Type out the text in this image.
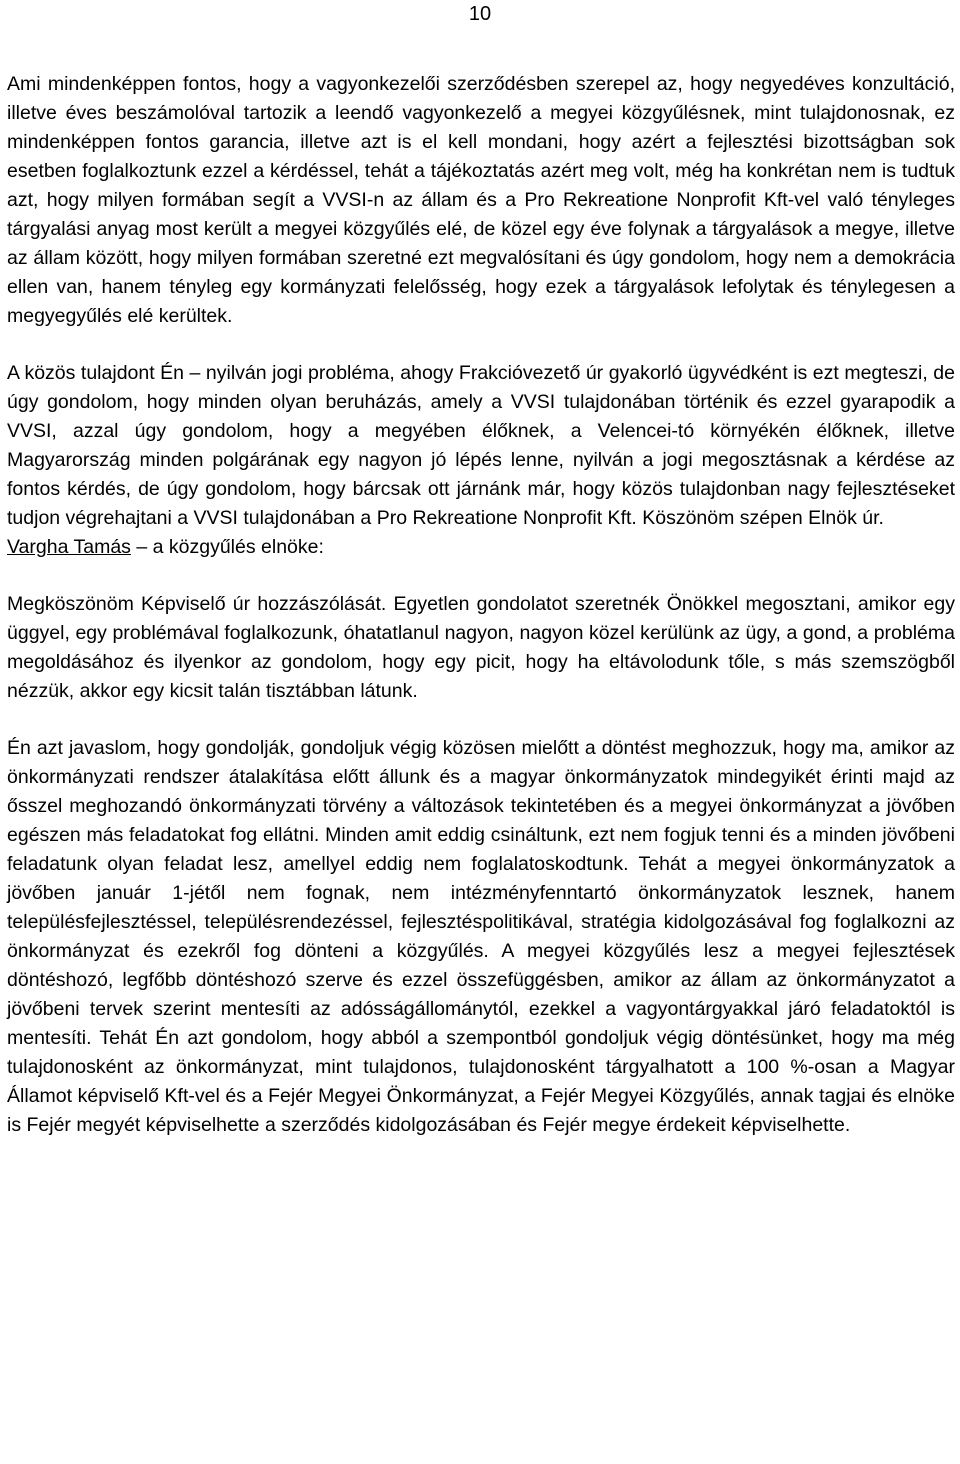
10

Ami mindenképpen fontos, hogy a vagyonkezelői szerződésben szerepel az, hogy negyedéves konzultáció, illetve éves beszámolóval tartozik a leendő vagyonkezelő a megyei közgyűlésnek, mint tulajdonosnak, ez mindenképpen fontos garancia, illetve azt is el kell mondani, hogy azért a fejlesztési bizottságban sok esetben foglalkoztunk ezzel a kérdéssel, tehát a tájékoztatás azért meg volt, még ha konkrétan nem is tudtuk azt, hogy milyen formában segít a VVSI-n az állam és a Pro Rekreatione Nonprofit Kft-vel való tényleges tárgyalási anyag most került a megyei közgyűlés elé, de közel egy éve folynak a tárgyalások a megye, illetve az állam között, hogy milyen formában szeretné ezt megvalósítani és úgy gondolom, hogy nem a demokrácia ellen van, hanem tényleg egy kormányzati felelősség, hogy ezek a tárgyalások lefolytak és ténylegesen a megyegyűlés elé kerültek.

A közös tulajdont Én – nyilván jogi probléma, ahogy Frakcióvezető úr gyakorló ügyvédként is ezt megteszi, de úgy gondolom, hogy minden olyan beruházás, amely a VVSI tulajdonában történik és ezzel gyarapodik a VVSI, azzal úgy gondolom, hogy a megyében élőknek, a Velencei-tó környékén élőknek, illetve Magyarország minden polgárának egy nagyon jó lépés lenne, nyilván a jogi megosztásnak a kérdése az fontos kérdés, de úgy gondolom, hogy bárcsak ott járnánk már, hogy közös tulajdonban nagy fejlesztéseket tudjon végrehajtani a VVSI tulajdonában a Pro Rekreatione Nonprofit Kft. Köszönöm szépen Elnök úr.

Vargha Tamás – a közgyűlés elnöke:

Megköszönöm Képviselő úr hozzászólását. Egyetlen gondolatot szeretnék Önökkel megosztani, amikor egy üggyel, egy problémával foglalkozunk, óhatatlanul nagyon, nagyon közel kerülünk az ügy, a gond, a probléma megoldásához és ilyenkor az gondolom, hogy egy picit, hogy ha eltávolodunk tőle, s más szemszögből nézzük, akkor egy kicsit talán tisztábban látunk.

Én azt javaslom, hogy gondolják, gondoljuk végig közösen mielőtt a döntést meghozzuk, hogy ma, amikor az önkormányzati rendszer átalakítása előtt állunk és a magyar önkormányzatok mindegyikét érinti majd az ősszel meghozandó önkormányzati törvény a változások tekintetében és a megyei önkormányzat a jövőben egészen más feladatokat fog ellátni. Minden amit eddig csináltunk, ezt nem fogjuk tenni és a minden jövőbeni feladatunk olyan feladat lesz, amellyel eddig nem foglalatoskodtunk. Tehát a megyei önkormányzatok a jövőben január 1-jétől nem fognak, nem intézményfenntartó önkormányzatok lesznek, hanem településfejlesztéssel, településrendezéssel, fejlesztéspolitikával, stratégia kidolgozásával fog foglalkozni az önkormányzat és ezekről fog dönteni a közgyűlés. A megyei közgyűlés lesz a megyei fejlesztések döntéshozó, legfőbb döntéshozó szerve és ezzel összefüggésben, amikor az állam az önkormányzatot a jövőbeni tervek szerint mentesíti az adósságállománytól, ezekkel a vagyontárgyakkal járó feladatoktól is mentesíti. Tehát Én azt gondolom, hogy abból a szempontból gondoljuk végig döntésünket, hogy ma még tulajdonosként az önkormányzat, mint tulajdonos, tulajdonosként tárgyalhatott a 100 %-osan a Magyar Államot képviselő Kft-vel és a Fejér Megyei Önkormányzat, a Fejér Megyei Közgyűlés, annak tagjai és elnöke is Fejér megyét képviselhette a szerződés kidolgozásában és Fejér megye érdekeit képviselhette.
